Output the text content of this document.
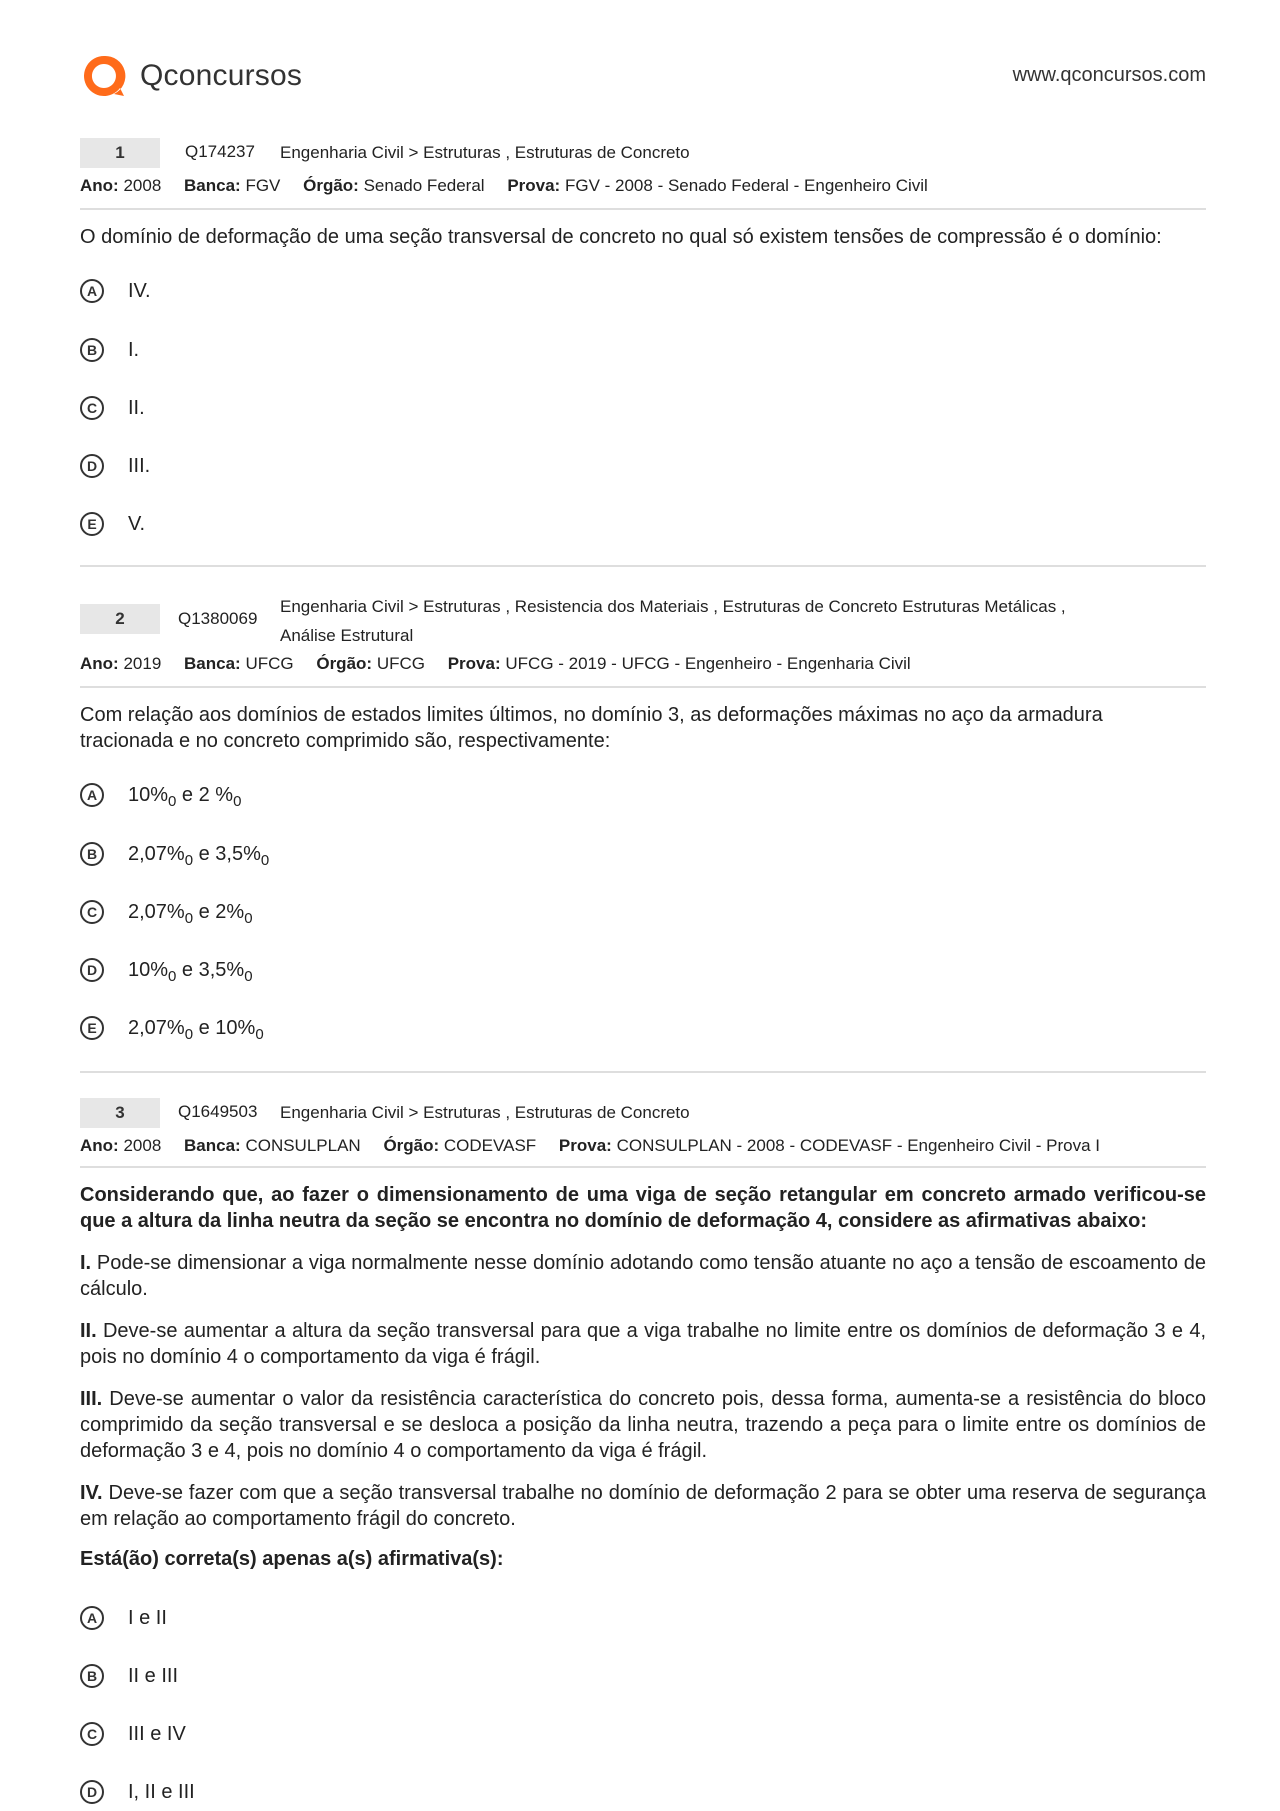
Qconcursos	www.qconcursos.com
1	Q174237 Engenharia Civil > Estruturas , Estruturas de Concreto
Ano: 2008 Banca: FGV Órgão: Senado Federal Prova: FGV - 2008 - Senado Federal - Engenheiro Civil
O domínio de deformação de uma seção transversal de concreto no qual só existem tensões de compressão é o domínio:
A	IV.
B	I.
C	II.
D	III.
E	V.
2	Q1380069
Engenharia Civil > Estruturas , Resistencia dos Materiais , Estruturas de Concreto Estruturas Metálicas ,
Análise Estrutural
Ano: 2019 Banca: UFCG Órgão: UFCG Prova: UFCG - 2019 - UFCG - Engenheiro - Engenharia Civil
Com relação aos domínios de estados limites últimos, no domínio 3, as deformações máximas no aço da armadura
tracionada e no concreto comprimido são, respectivamente:
A	$10\%_0$ e 2 $\%_0$
B	$2,07\%_0$ e $3,5\%_0$
C	$2,07\%_0$ e $2\%_0$
D	$10\%_0$ e $3,5\%_0$
E	$2,07\%_0$ e $10\%_0$
3	Q1649503 Engenharia Civil > Estruturas , Estruturas de Concreto
Ano: 2008 Banca: CONSULPLAN Órgão: CODEVASF Prova: CONSULPLAN - 2008 - CODEVASF - Engenheiro Civil - Prova I
Considerando que, ao fazer o dimensionamento de uma viga de seção retangular em concreto armado verificou-se que a altura da linha neutra da seção se encontra no domínio de deformação 4, considere as afirmativas abaixo:
I. Pode-se dimensionar a viga normalmente nesse domínio adotando como tensão atuante no aço a tensão de escoamento de cálculo.
II. Deve-se aumentar a altura da seção transversal para que a viga trabalhe no limite entre os domínios de deformação 3 e 4, pois no domínio 4 o comportamento da viga é frágil.
III. Deve-se aumentar o valor da resistência característica do concreto pois, dessa forma, aumenta-se a resistência do bloco comprimido da seção transversal e se desloca a posição da linha neutra, trazendo a peça para o limite entre os domínios de deformação 3 e 4, pois no domínio 4 o comportamento da viga é frágil.
IV. Deve-se fazer com que a seção transversal trabalhe no domínio de deformação 2 para se obter uma reserva de segurança em relação ao comportamento frágil do concreto.
Está(ão) correta(s) apenas a(s) afirmativa(s):
A	I e II
B	II e III
C	III e IV
D	I, II e III
